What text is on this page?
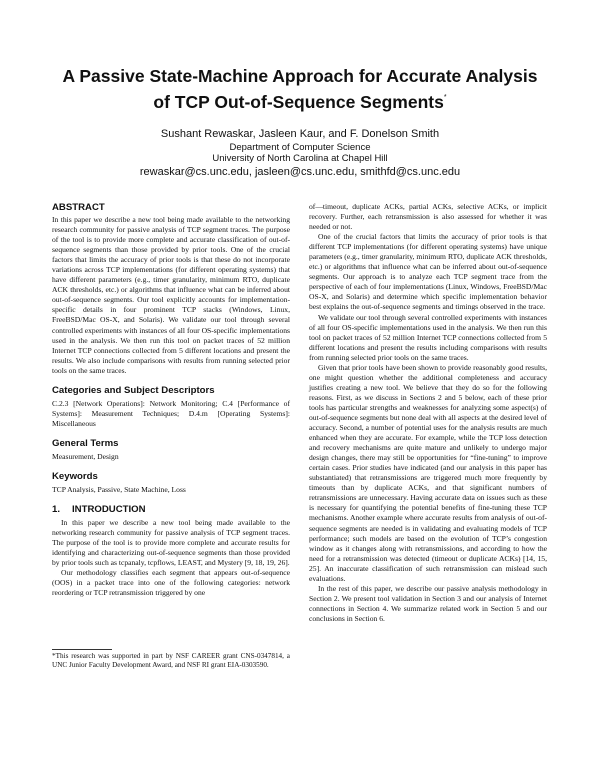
A Passive State-Machine Approach for Accurate Analysis
of TCP Out-of-Sequence Segments*
Sushant Rewaskar, Jasleen Kaur, and F. Donelson Smith
Department of Computer Science
University of North Carolina at Chapel Hill
rewaskar@cs.unc.edu, jasleen@cs.unc.edu, smithfd@cs.unc.edu
ABSTRACT

In this paper we describe a new tool being made available to the networking research community for passive analysis of TCP segment traces. The purpose of the tool is to provide more complete and accurate classification of out-of-sequence segments than those provided by prior tools. One of the crucial factors that limits the accuracy of prior tools is that these do not incorporate variations across TCP implementations (for different operating systems) that have different parameters (e.g., timer granularity, minimum RTO, duplicate ACK thresholds, etc.) or algorithms that influence what can be inferred about out-of-sequence segments. Our tool explicitly accounts for implementation-specific details in four prominent TCP stacks (Windows, Linux, FreeBSD/Mac OS-X, and Solaris). We validate our tool through several controlled experiments with instances of all four OS-specific implementations used in the analysis. We then run this tool on packet traces of 52 million Internet TCP connections collected from 5 different locations and present the results. We also include comparisons with results from running selected prior tools on the same traces.

Categories and Subject Descriptors

C.2.3 [Network Operations]: Network Monitoring; C.4 [Performance of Systems]: Measurement Techniques; D.4.m [Operating Systems]: Miscellaneous

General Terms

Measurement, Design

Keywords

TCP Analysis, Passive, State Machine, Loss

1. INTRODUCTION

In this paper we describe a new tool being made available to the networking research community for passive analysis of TCP segment traces. The purpose of the tool is to provide more complete and accurate results for identifying and characterizing out-of-sequence segments than those provided by prior tools such as tcpanaly, tcpflows, LEAST, and Mystery [9, 18, 19, 26].

Our methodology classifies each segment that appears out-of-sequence (OOS) in a packet trace into one of the following categories: network reordering or TCP retransmission triggered by one

*This research was supported in part by NSF CAREER grant CNS-0347814, a UNC Junior Faculty Development Award, and NSF RI grant EIA-0303590.

of—timeout, duplicate ACKs, partial ACKs, selective ACKs, or implicit recovery. Further, each retransmission is also assessed for whether it was needed or not.

One of the crucial factors that limits the accuracy of prior tools is that different TCP implementations (for different operating systems) have unique parameters (e.g., timer granularity, minimum RTO, duplicate ACK thresholds, etc.) or algorithms that influence what can be inferred about out-of-sequence segments. Our approach is to analyze each TCP segment trace from the perspective of each of four implementations (Linux, Windows, FreeBSD/Mac OS-X, and Solaris) and determine which specific implementation behavior best explains the out-of-sequence segments and timings observed in the trace.

We validate our tool through several controlled experiments with instances of all four OS-specific implementations used in the analysis. We then run this tool on packet traces of 52 million Internet TCP connections collected from 5 different locations and present the results including comparisons with results from running selected prior tools on the same traces.

Given that prior tools have been shown to provide reasonably good results, one might question whether the additional completeness and accuracy justifies creating a new tool. We believe that they do so for the following reasons. First, as we discuss in Sections 2 and 5 below, each of these prior tools has particular strengths and weaknesses for analyzing some aspect(s) of out-of-sequence segments but none deal with all aspects at the desired level of accuracy. Second, a number of potential uses for the analysis results are much enhanced when they are accurate. For example, while the TCP loss detection and recovery mechanisms are quite mature and unlikely to undergo major design changes, there may still be opportunities for “fine-tuning” to improve certain cases. Prior studies have indicated (and our analysis in this paper has substantiated) that retransmissions are triggered much more frequently by timeouts than by duplicate ACKs, and that significant numbers of retransmissions are unnecessary. Having accurate data on issues such as these is necessary for quantifying the potential benefits of fine-tuning these TCP mechanisms. Another example where accurate results from analysis of out-of-sequence segments are needed is in validating and evaluating models of TCP performance; such models are based on the evolution of TCP’s congestion window as it changes along with retransmissions, and according to how the need for a retransmission was detected (timeout or duplicate ACKs) [14, 15, 25]. An inaccurate classification of such retransmission can mislead such evaluations.

In the rest of this paper, we describe our passive analysis methodology in Section 2. We present tool validation in Section 3 and our analysis of Internet connections in Section 4. We summarize related work in Section 5 and our conclusions in Section 6.
